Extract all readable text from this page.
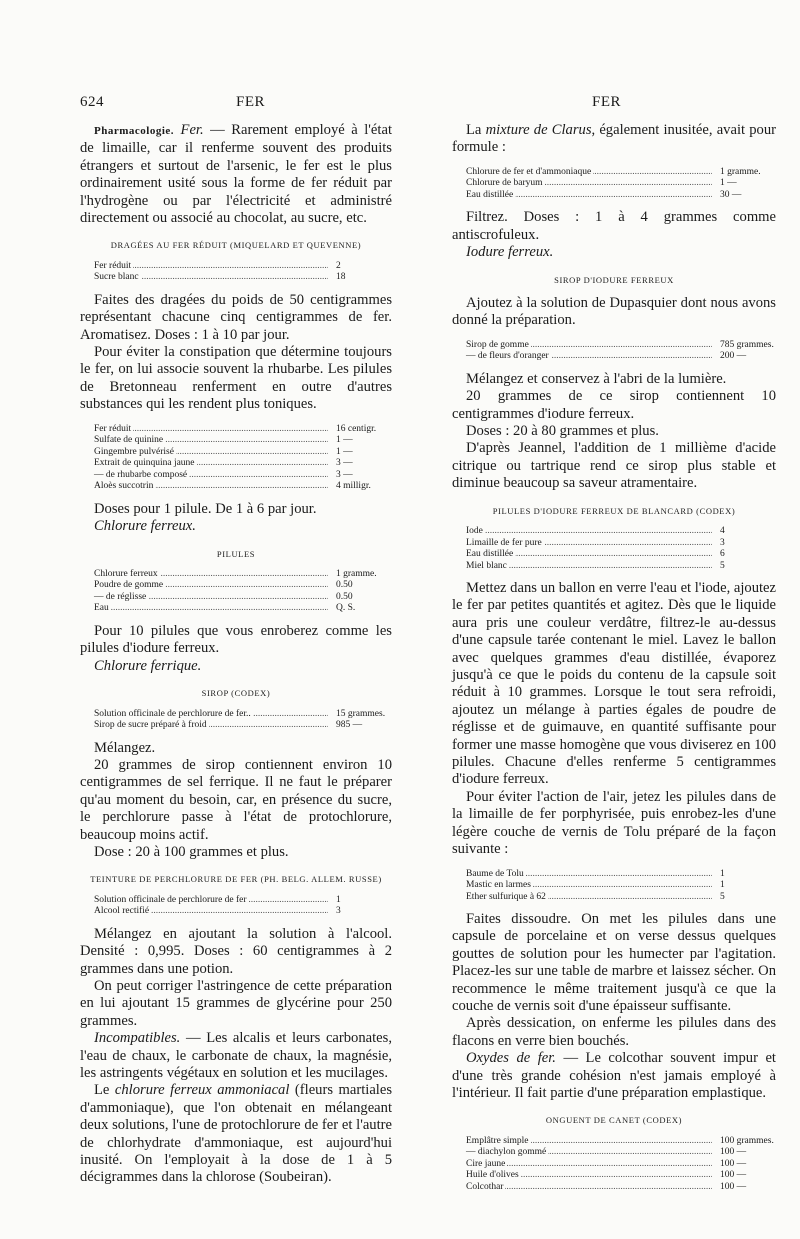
624	FER	FER

Pharmacologie. Fer. — Rarement employé à l'état de limaille, car il renferme souvent des produits étrangers et surtout de l'arsenic, le fer est le plus ordinairement usité sous la forme de fer réduit par l'hydrogène ou par l'électricité et administré directement ou associé au chocolat, au sucre, etc.

DRAGÉES AU FER RÉDUIT (MIQUELARD ET QUEVENNE)
Fer réduit .....	2
Sucre blanc .....	18

Faites des dragées du poids de 50 centigrammes représentant chacune cinq centigrammes de fer. Aromatisez. Doses : 1 à 10 par jour.

Pour éviter la constipation que détermine toujours le fer, on lui associe souvent la rhubarbe. Les pilules de Bretonneau renferment en outre d'autres substances qui les rendent plus toniques.

Fer réduit .....	16 centigr.
Sulfate de quinine .....	1 —
Gingembre pulvérisé .....	1 —
Extrait de quinquina jaune .....	3 —
— de rhubarbe composé .....	3 —
Aloès succotrin .....	4 milligr.

Doses pour 1 pilule. De 1 à 6 par jour.

Chlorure ferreux.

PILULES
Chlorure ferreux .....	1 gramme.
Poudre de gomme .....	0.50
— de réglisse .....	0.50
Eau .....	Q. S.

Pour 10 pilules que vous enroberez comme les pilules d'iodure ferreux.

Chlorure ferrique.

SIROP (CODEX)
Solution officinale de perchlorure de fer.. .....	15 grammes.
Sirop de sucre préparé à froid .....	985 —

Mélangez.

20 grammes de sirop contiennent environ 10 centigrammes de sel ferrique. Il ne faut le préparer qu'au moment du besoin, car, en présence du sucre, le perchlorure passe à l'état de protochlorure, beaucoup moins actif.

Dose : 20 à 100 grammes et plus.

TEINTURE DE PERCHLORURE DE FER (PH. BELG. ALLEM. RUSSE)
Solution officinale de perchlorure de fer .....	1
Alcool rectifié .....	3

Mélangez en ajoutant la solution à l'alcool. Densité : 0,995. Doses : 60 centigrammes à 2 grammes dans une potion.

On peut corriger l'astringence de cette préparation en lui ajoutant 15 grammes de glycérine pour 250 grammes.

Incompatibles. — Les alcalis et leurs carbonates, l'eau de chaux, le carbonate de chaux, la magnésie, les astringents végétaux en solution et les mucilages.

Le chlorure ferreux ammoniacal (fleurs martiales d'ammoniaque), que l'on obtenait en mélangeant deux solutions, l'une de protochlorure de fer et l'autre de chlorhydrate d'ammoniaque, est aujourd'hui inusité. On l'employait à la dose de 1 à 5 décigrammes dans la chlorose (Soubeiran).

La mixture de Clarus, également inusitée, avait pour formule :

Chlorure de fer et d'ammoniaque .....	1 gramme.
Chlorure de baryum .....	1 —
Eau distillée .....	30 —

Filtrez. Doses : 1 à 4 grammes comme antiscrofuleux.

Iodure ferreux.

SIROP D'IODURE FERREUX

Ajoutez à la solution de Dupasquier dont nous avons donné la préparation.

Sirop de gomme .....	785 grammes.
— de fleurs d'oranger .....	200 —

Mélangez et conservez à l'abri de la lumière.

20 grammes de ce sirop contiennent 10 centigrammes d'iodure ferreux.

Doses : 20 à 80 grammes et plus.

D'après Jeannel, l'addition de 1 millième d'acide citrique ou tartrique rend ce sirop plus stable et diminue beaucoup sa saveur atramentaire.

PILULES D'IODURE FERREUX DE BLANCARD (CODEX)
Iode .....	4
Limaille de fer pure .....	3
Eau distillée .....	6
Miel blanc .....	5

Mettez dans un ballon en verre l'eau et l'iode, ajoutez le fer par petites quantités et agitez. Dès que le liquide aura pris une couleur verdâtre, filtrez-le au-dessus d'une capsule tarée contenant le miel. Lavez le ballon avec quelques grammes d'eau distillée, évaporez jusqu'à ce que le poids du contenu de la capsule soit réduit à 10 grammes. Lorsque le tout sera refroidi, ajoutez un mélange à parties égales de poudre de réglisse et de guimauve, en quantité suffisante pour former une masse homogène que vous diviserez en 100 pilules. Chacune d'elles renferme 5 centigrammes d'iodure ferreux.

Pour éviter l'action de l'air, jetez les pilules dans de la limaille de fer porphyrisée, puis enrobez-les d'une légère couche de vernis de Tolu préparé de la façon suivante :

Baume de Tolu .....	1
Mastic en larmes .....	1
Éther sulfurique à 62 .....	5

Faites dissoudre. On met les pilules dans une capsule de porcelaine et on verse dessus quelques gouttes de solution pour les humecter par l'agitation. Placez-les sur une table de marbre et laissez sécher. On recommence le même traitement jusqu'à ce que la couche de vernis soit d'une épaisseur suffisante.

Après dessication, on enferme les pilules dans des flacons en verre bien bouchés.

Oxydes de fer. — Le colcothar souvent impur et d'une très grande cohésion n'est jamais employé à l'intérieur. Il fait partie d'une préparation emplastique.

ONGUENT DE CANET (CODEX)
Emplâtre simple .....	100 grammes.
— diachylon gommé .....	100 —
Cire jaune .....	100 —
Huile d'olives .....	100 —
Colcothar .....	100 —
